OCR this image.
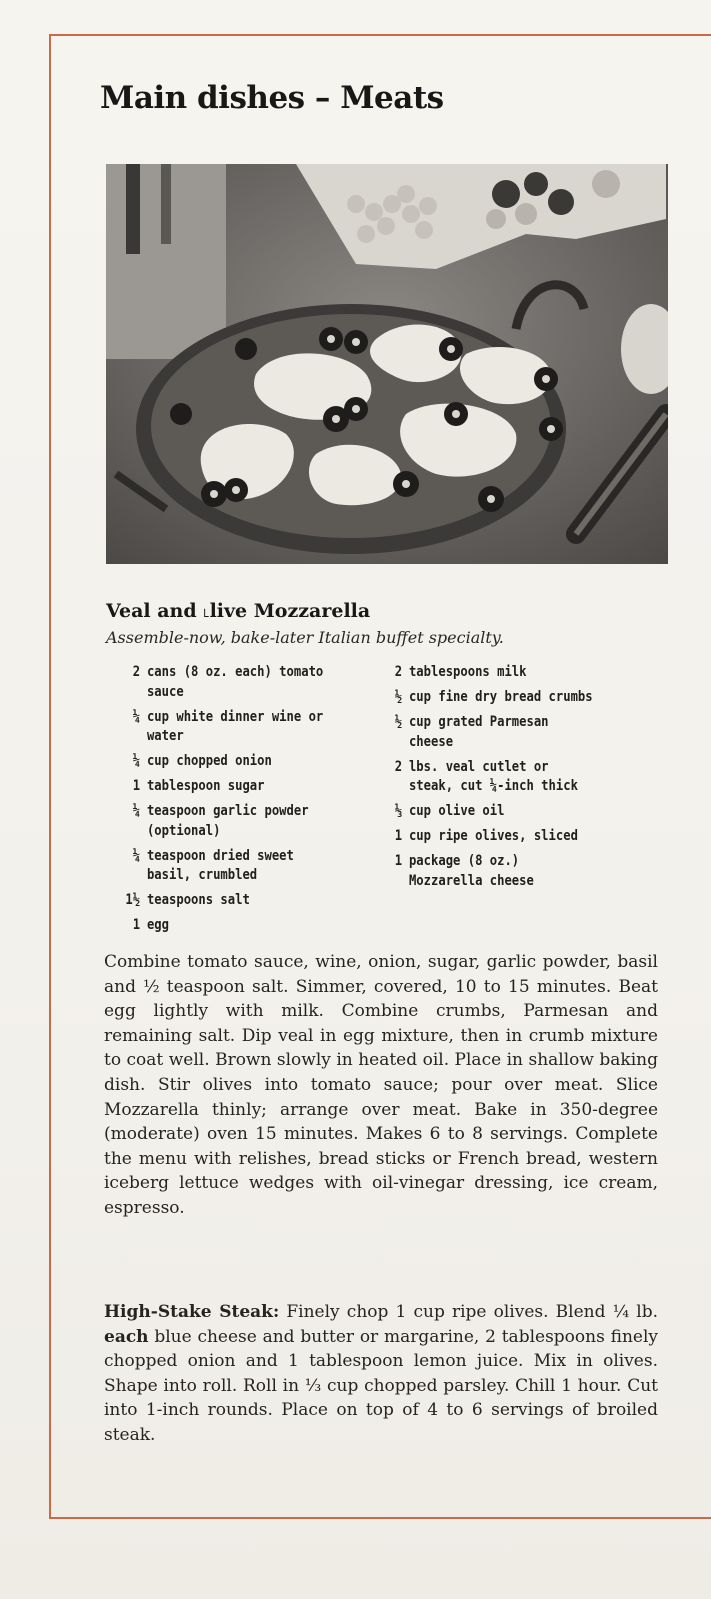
Main dishes – Meats
Veal and ˪live Mozzarella
Assemble-now, bake-later Italian buffet specialty.
2 cans (8 oz. each) tomato sauce
¼ cup white dinner wine or water
¼ cup chopped onion
1 tablespoon sugar
¼ teaspoon garlic powder (optional)
¼ teaspoon dried sweet basil, crumbled
1½ teaspoons salt
1 egg
2 tablespoons milk
½ cup fine dry bread crumbs
½ cup grated Parmesan cheese
2 lbs. veal cutlet or steak, cut ¼-inch thick
⅓ cup olive oil
1 cup ripe olives, sliced
1 package (8 oz.) Mozzarella cheese

Combine tomato sauce, wine, onion, sugar, garlic powder, basil and ½ teaspoon salt. Simmer, covered, 10 to 15 minutes. Beat egg lightly with milk. Combine crumbs, Parmesan and remaining salt. Dip veal in egg mixture, then in crumb mixture to coat well. Brown slowly in heated oil. Place in shallow baking dish. Stir olives into tomato sauce; pour over meat. Slice Mozzarella thinly; arrange over meat. Bake in 350-degree (moderate) oven 15 minutes. Makes 6 to 8 servings. Complete the menu with relishes, bread sticks or French bread, western iceberg lettuce wedges with oil-vinegar dressing, ice cream, espresso.

High-Stake Steak: Finely chop 1 cup ripe olives. Blend ¼ lb. each blue cheese and butter or margarine, 2 tablespoons finely chopped onion and 1 tablespoon lemon juice. Mix in olives. Shape into roll. Roll in ⅓ cup chopped parsley. Chill 1 hour. Cut into 1-inch rounds. Place on top of 4 to 6 servings of broiled steak.
